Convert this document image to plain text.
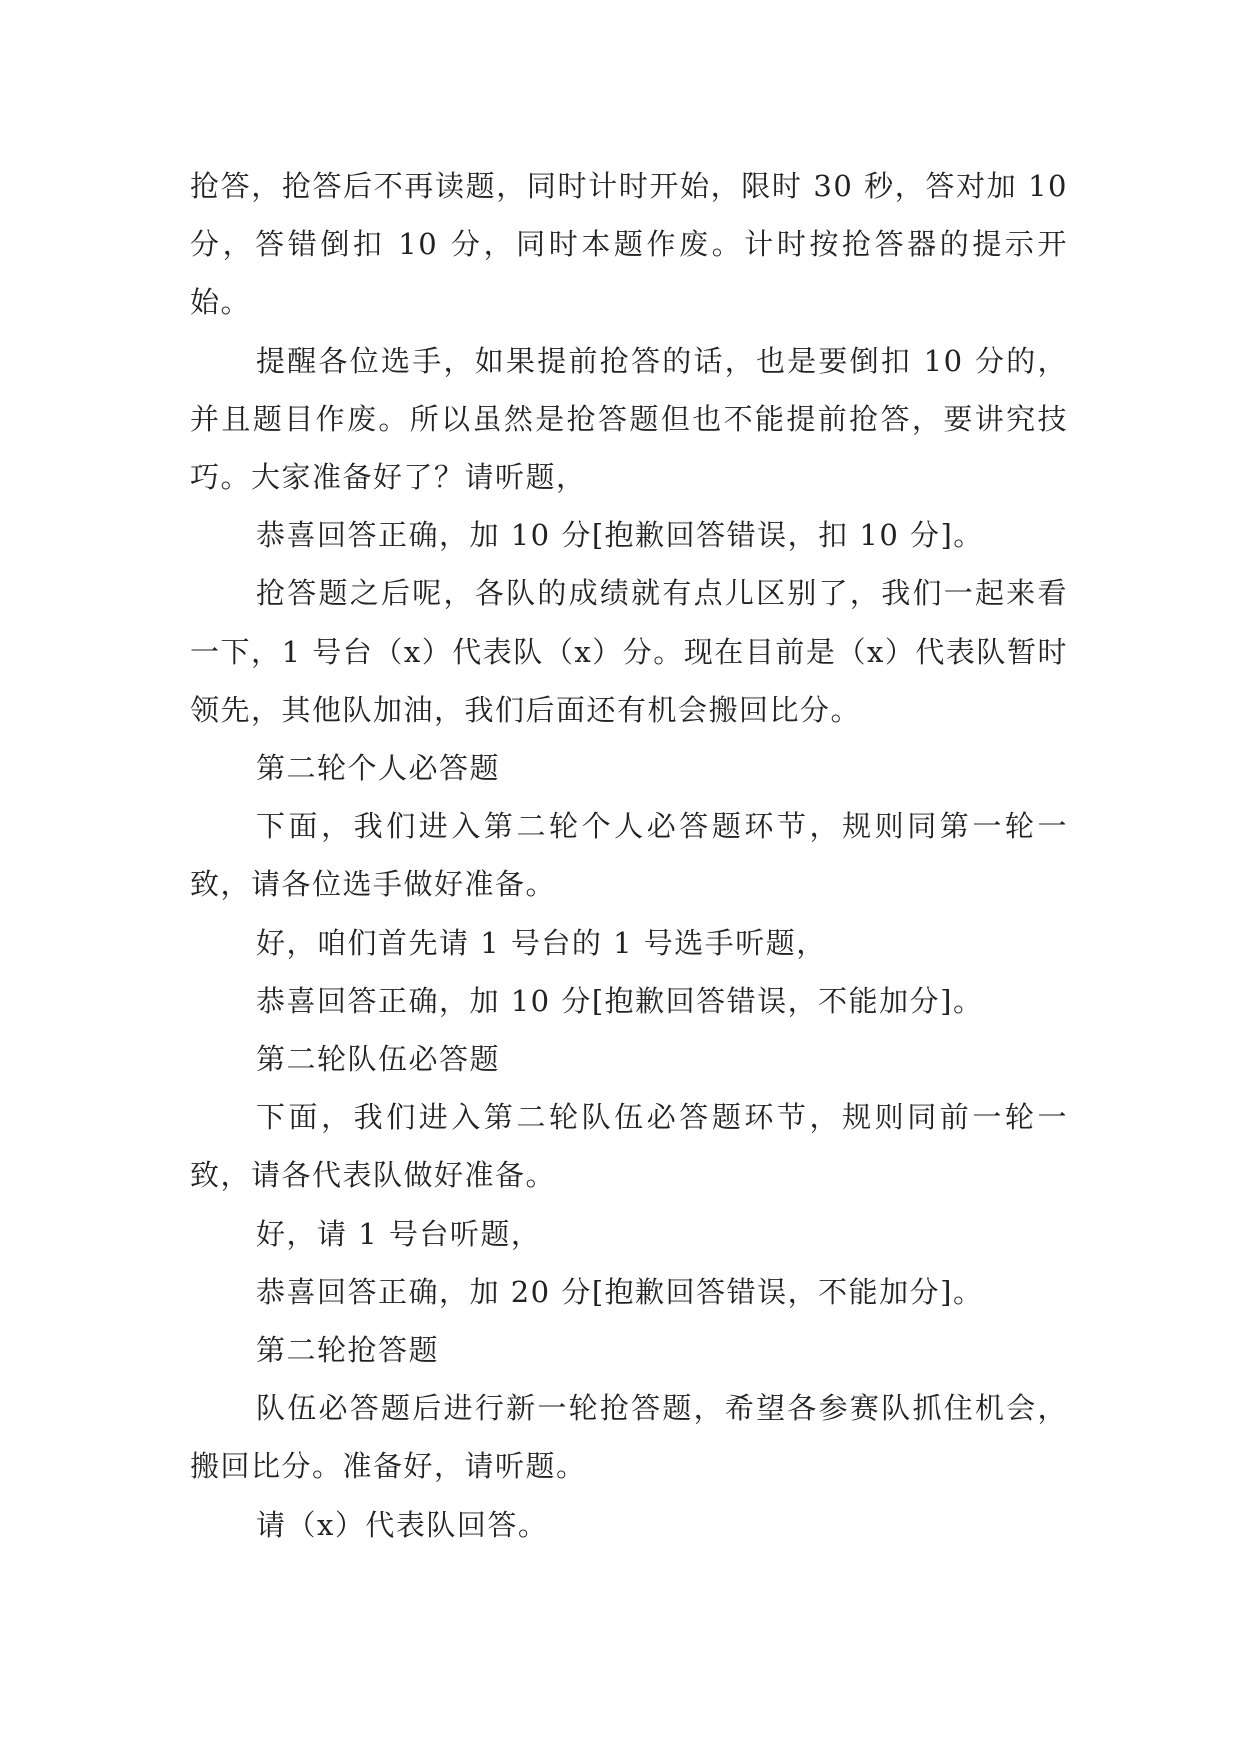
抢答，抢答后不再读题，同时计时开始，限时 30 秒，答对加 10 分，答错倒扣 10 分，同时本题作废。计时按抢答器的提示开始。

提醒各位选手，如果提前抢答的话，也是要倒扣 10 分的，并且题目作废。所以虽然是抢答题但也不能提前抢答，要讲究技巧。大家准备好了？请听题，

恭喜回答正确，加 10 分[抱歉回答错误，扣 10 分]。

抢答题之后呢，各队的成绩就有点儿区别了，我们一起来看一下，1 号台（x）代表队（x）分。现在目前是（x）代表队暂时领先，其他队加油，我们后面还有机会搬回比分。

第二轮个人必答题

下面，我们进入第二轮个人必答题环节，规则同第一轮一致，请各位选手做好准备。

好，咱们首先请 1 号台的 1 号选手听题，

恭喜回答正确，加 10 分[抱歉回答错误，不能加分]。

第二轮队伍必答题

下面，我们进入第二轮队伍必答题环节，规则同前一轮一致，请各代表队做好准备。

好，请 1 号台听题，

恭喜回答正确，加 20 分[抱歉回答错误，不能加分]。

第二轮抢答题

队伍必答题后进行新一轮抢答题，希望各参赛队抓住机会，搬回比分。准备好，请听题。

请（x）代表队回答。
